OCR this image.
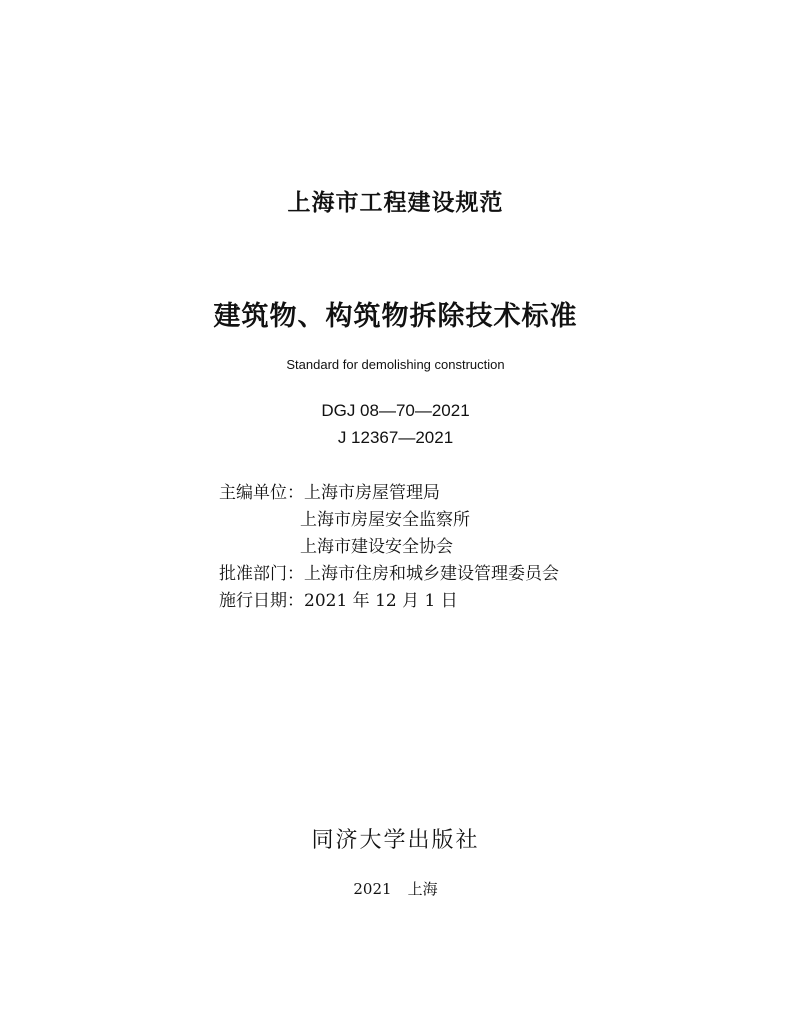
上海市工程建设规范
建筑物、构筑物拆除技术标准
Standard for demolishing construction
DGJ 08—70—2021
J 12367—2021
主编单位：上海市房屋管理局
上海市房屋安全监察所
上海市建设安全协会
批准部门：上海市住房和城乡建设管理委员会
施行日期：2021 年 12 月 1 日
同济大学出版社
2021 上海
